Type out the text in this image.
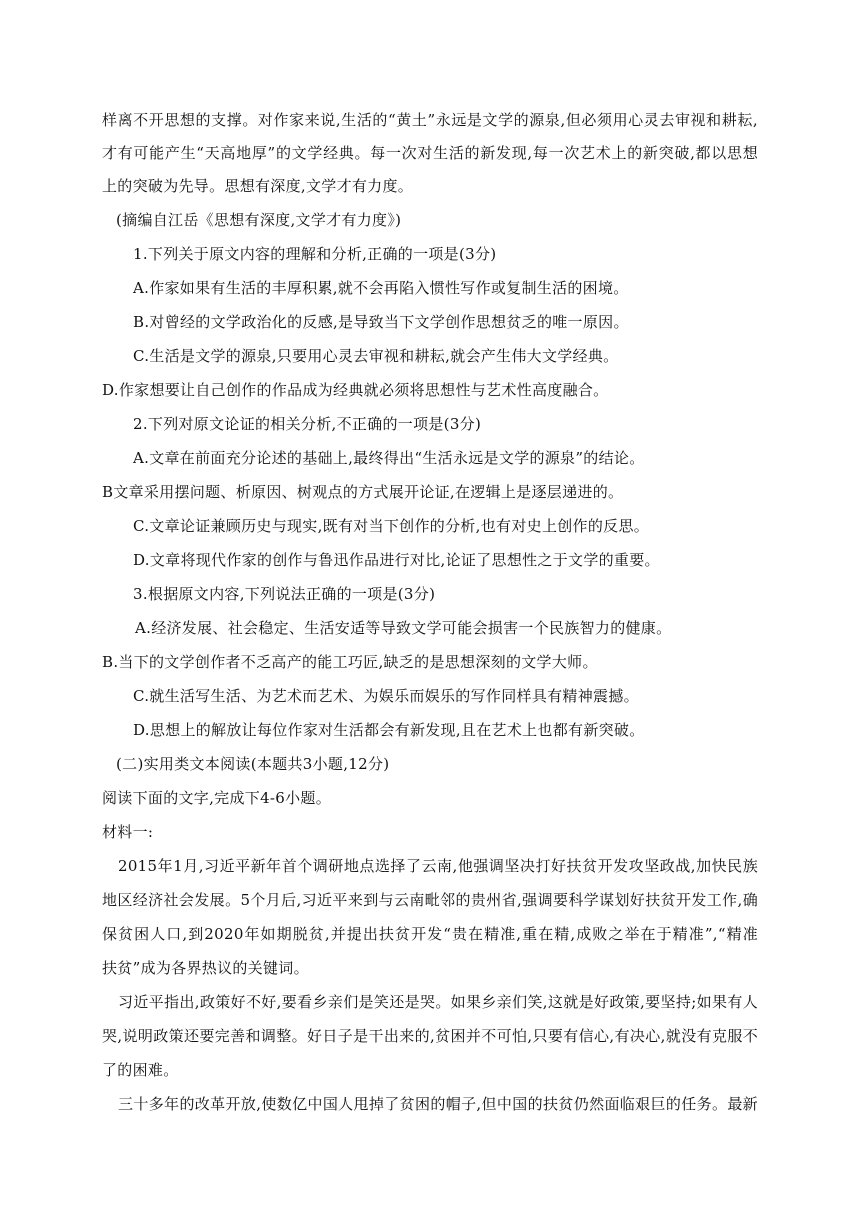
样离不开思想的支撑。对作家来说,生活的“黄土”永远是文学的源泉,但必须用心灵去审视和耕耘,
才有可能产生“天高地厚”的文学经典。每一次对生活的新发现,每一次艺术上的新突破,都以思想
上的突破为先导。思想有深度,文学才有力度。
(摘编自江岳《思想有深度,文学才有力度》)
1.下列关于原文内容的理解和分析,正确的一项是(3分)
A.作家如果有生活的丰厚积累,就不会再陷入惯性写作或复制生活的困境。
B.对曾经的文学政治化的反感,是导致当下文学创作思想贫乏的唯一原因。
C.生活是文学的源泉,只要用心灵去审视和耕耘,就会产生伟大文学经典。
D.作家想要让自己创作的作品成为经典就必须将思想性与艺术性高度融合。
2.下列对原文论证的相关分析,不正确的一项是(3分)
A.文章在前面充分论述的基础上,最终得出“生活永远是文学的源泉”的结论。
B文章采用摆问题、析原因、树观点的方式展开论证,在逻辑上是逐层递进的。
C.文章论证兼顾历史与现实,既有对当下创作的分析,也有对史上创作的反思。
D.文章将现代作家的创作与鲁迅作品进行对比,论证了思想性之于文学的重要。
3.根据原文内容,下列说法正确的一项是(3分)
A.经济发展、社会稳定、生活安适等导致文学可能会损害一个民族智力的健康。
B.当下的文学创作者不乏高产的能工巧匠,缺乏的是思想深刻的文学大师。
C.就生活写生活、为艺术而艺术、为娱乐而娱乐的写作同样具有精神震撼。
D.思想上的解放让每位作家对生活都会有新发现,且在艺术上也都有新突破。
(二)实用类文本阅读(本题共3小题,12分)
阅读下面的文字,完成下4-6小题。
材料一:
2015年1月,习近平新年首个调研地点选择了云南,他强调坚决打好扶贫开发攻坚政战,加快民族
地区经济社会发展。5个月后,习近平来到与云南毗邻的贵州省,强调要科学谋划好扶贫开发工作,确
保贫困人口,到2020年如期脱贫,并提出扶贫开发“贵在精准,重在精,成败之举在于精准”,“精准
扶贫”成为各界热议的关键词。
习近平指出,政策好不好,要看乡亲们是笑还是哭。如果乡亲们笑,这就是好政策,要坚持;如果有人
哭,说明政策还要完善和调整。好日子是干出来的,贫困并不可怕,只要有信心,有决心,就没有克服不
了的困难。
三十多年的改革开放,使数亿中国人甩掉了贫困的帽子,但中国的扶贫仍然面临艰巨的任务。最新
